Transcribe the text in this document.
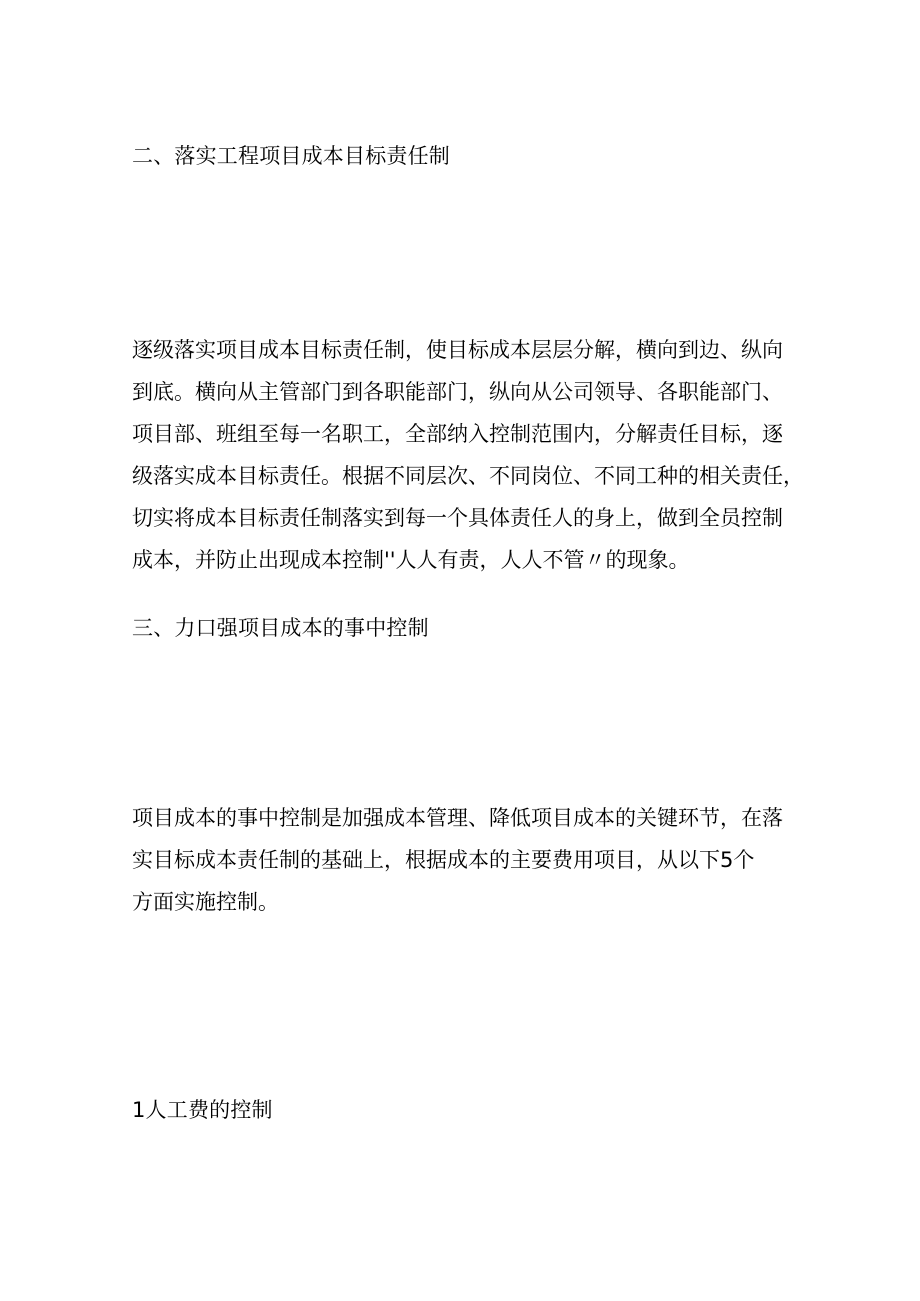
二、落实工程项目成本目标责任制
逐级落实项目成本目标责任制，使目标成本层层分解，横向到边、纵向
到底。横向从主管部门到各职能部门，纵向从公司领导、各职能部门、
项目部、班组至每一名职工，全部纳入控制范围内，分解责任目标，逐
级落实成本目标责任。根据不同层次、不同岗位、不同工种的相关责任，
切实将成本目标责任制落实到每一个具体责任人的身上，做到全员控制
成本，并防止出现成本控制''人人有责，人人不管〃的现象。
三、力口强项目成本的事中控制
项目成本的事中控制是加强成本管理、降低项目成本的关键环节，在落
实目标成本责任制的基础上，根据成本的主要费用项目，从以下5个
方面实施控制。
1人工费的控制
